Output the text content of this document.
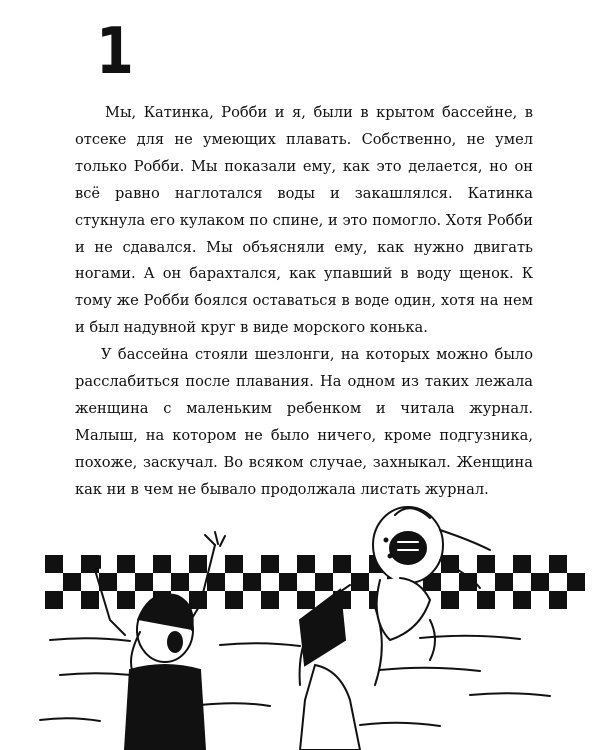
1

Мы, Катинка, Робби и я, были в крытом бассейне, в отсеке для не умеющих плавать. Собственно, не умел только Робби. Мы показали ему, как это делается, но он всё равно наглотался воды и закашлялся. Катинка стукнула его кулаком по спине, и это помогло. Хотя Робби и не сдавался. Мы объясняли ему, как нужно двигать ногами. А он барахтался, как упавший в воду щенок. К тому же Робби боялся оставаться в воде один, хотя на нем и был надувной круг в виде морского конька.

У бассейна стояли шезлонги, на которых можно было расслабиться после плавания. На одном из таких лежала женщина с маленьким ребенком и читала журнал. Малыш, на котором не было ничего, кроме подгузника, похоже, заскучал. Во всяком случае, захныкал. Женщина как ни в чем не бывало продолжала листать журнал.
